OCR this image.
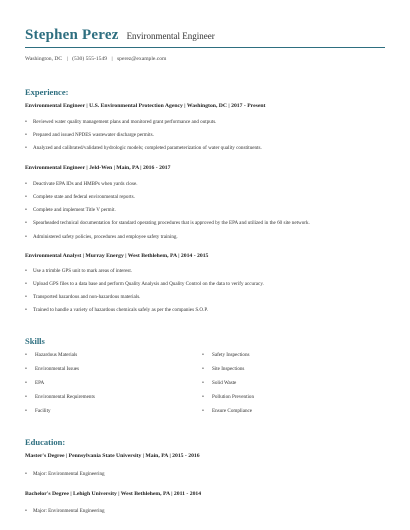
Stephen Perez Environmental Engineer
Washington, DC | (530) 555-1549 | sperez@example.com
Experience:
Environmental Engineer | U.S. Environmental Protection Agency | Washington, DC | 2017 - Present
• Reviewed water quality management plans and monitored grant performance and outputs.
• Prepared and issued NPDES wastewater discharge permits.
• Analyzed and calibrated/validated hydrologic models; completed parameterization of water quality constituents.
Environmental Engineer | Jeld-Wen | Main, PA | 2016 - 2017
• Deactivate EPA IDs and HMBPs when yards close.
• Complete state and federal environmental reports.
• Complete and implement Title V permit.
• Spearheaded technical documentation for standard operating procedures that is approved by the EPA and utilized in the 60 site network.
• Administered safety policies, procedures and employee safety training.
Environmental Analyst | Murray Energy | West Bethlehem, PA | 2014 - 2015
• Use a trimble GPS unit to mark areas of interest.
• Upload GPS files to a data base and perform Quality Analysis and Quality Control on the data to verify accuracy.
• Transported hazardous and non-hazardous materials.
• Trained to handle a variety of hazardous chemicals safely as per the companies S.O.P.
Skills
• Hazardous Materials
• Environmental Issues
• EPA
• Environmental Requirements
• Facility
• Safety Inspections
• Site Inspections
• Solid Waste
• Pollution Prevention
• Ensure Compliance
Education:
Master's Degree | Pennsylvania State University | Main, PA | 2015 - 2016
• Major: Environmental Engineering
Bachelor's Degree | Lehigh University | West Bethlehem, PA | 2011 - 2014
• Major: Environmental Engineering
